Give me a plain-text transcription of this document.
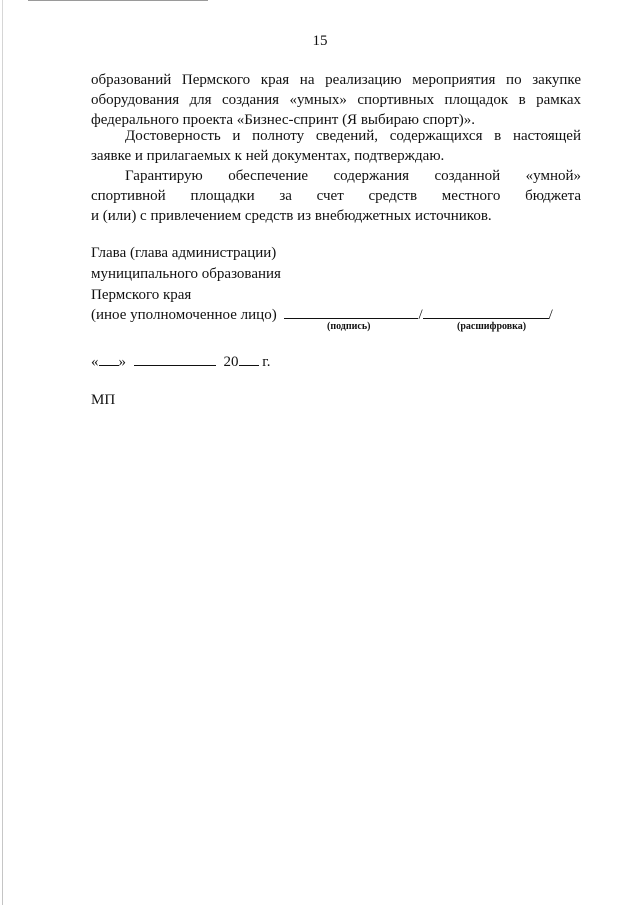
15

образований Пермского края на реализацию мероприятия по закупке
оборудования для создания «умных» спортивных площадок в рамках
федерального проекта «Бизнес-спринт (Я выбираю спорт)».

Достоверность и полноту сведений, содержащихся в настоящей
заявке и прилагаемых к ней документах, подтверждаю.

Гарантирую обеспечение содержания созданной «умной»
спортивной площадки за счет средств местного бюджета
и (или) с привлечением средств из внебюджетных источников.

Глава (глава администрации)
муниципального образования
Пермского края
(иное уполномоченное лицо)	/	/
(подпись)	(расшифровка)
« »	20 г.
МП
